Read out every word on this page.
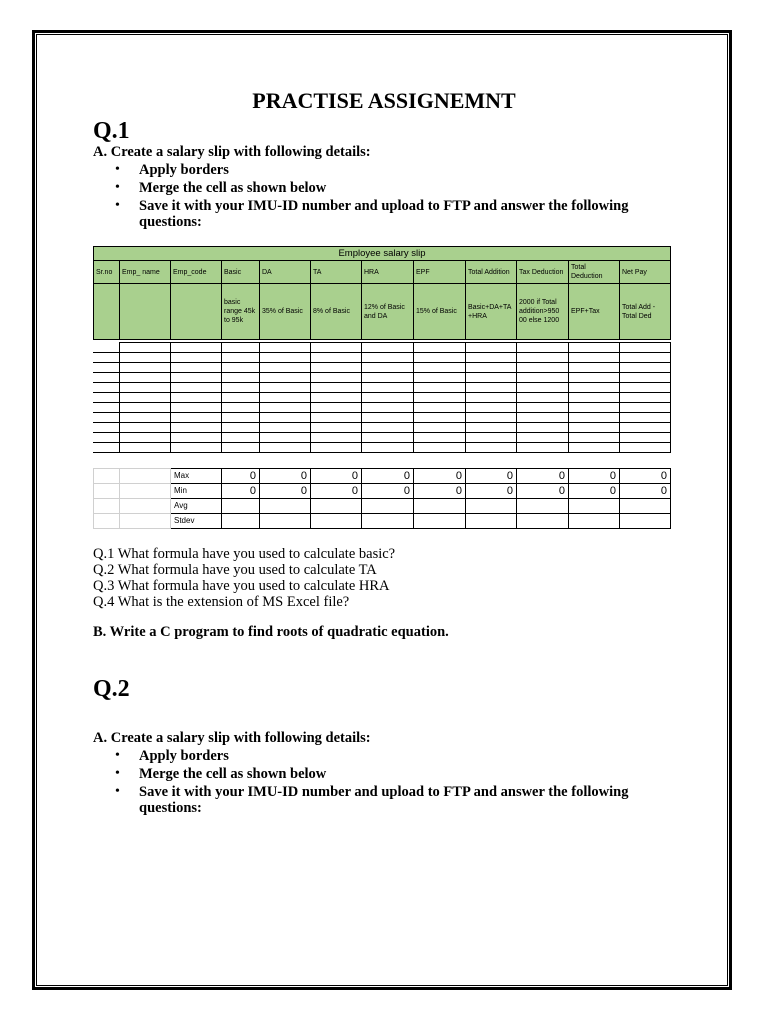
PRACTISE ASSIGNEMNT
Q.1
A. Create a salary slip with following details:
• Apply borders
• Merge the cell as shown below
• Save it with your IMU-ID number and upload to FTP and answer the following
questions:
Employee salary slip											
Sr.no	Emp_ name	Emp_code	Basic	DA	TA	HRA	EPF	Total Addition	Tax Deduction	Total Deduction	Net Pay
			basic range 45k to 95k	35% of Basic	8% of Basic	12% of Basic and DA	15% of Basic	Basic+DA+TA +HRA	2000 if Total addition>950 00 else 1200	EPF+Tax	Total Add - Total Ded

		Max	0	0	0	0	0	0	0	0	0
		Min	0	0	0	0	0	0	0	0	0
		Avg									
		Stdev									
Q.1 What formula have you used to calculate basic?
Q.2 What formula have you used to calculate TA
Q.3 What formula have you used to calculate HRA
Q.4 What is the extension of MS Excel file?
B. Write a C program to find roots of quadratic equation.
Q.2
A. Create a salary slip with following details:
• Apply borders
• Merge the cell as shown below
• Save it with your IMU-ID number and upload to FTP and answer the following
questions:
